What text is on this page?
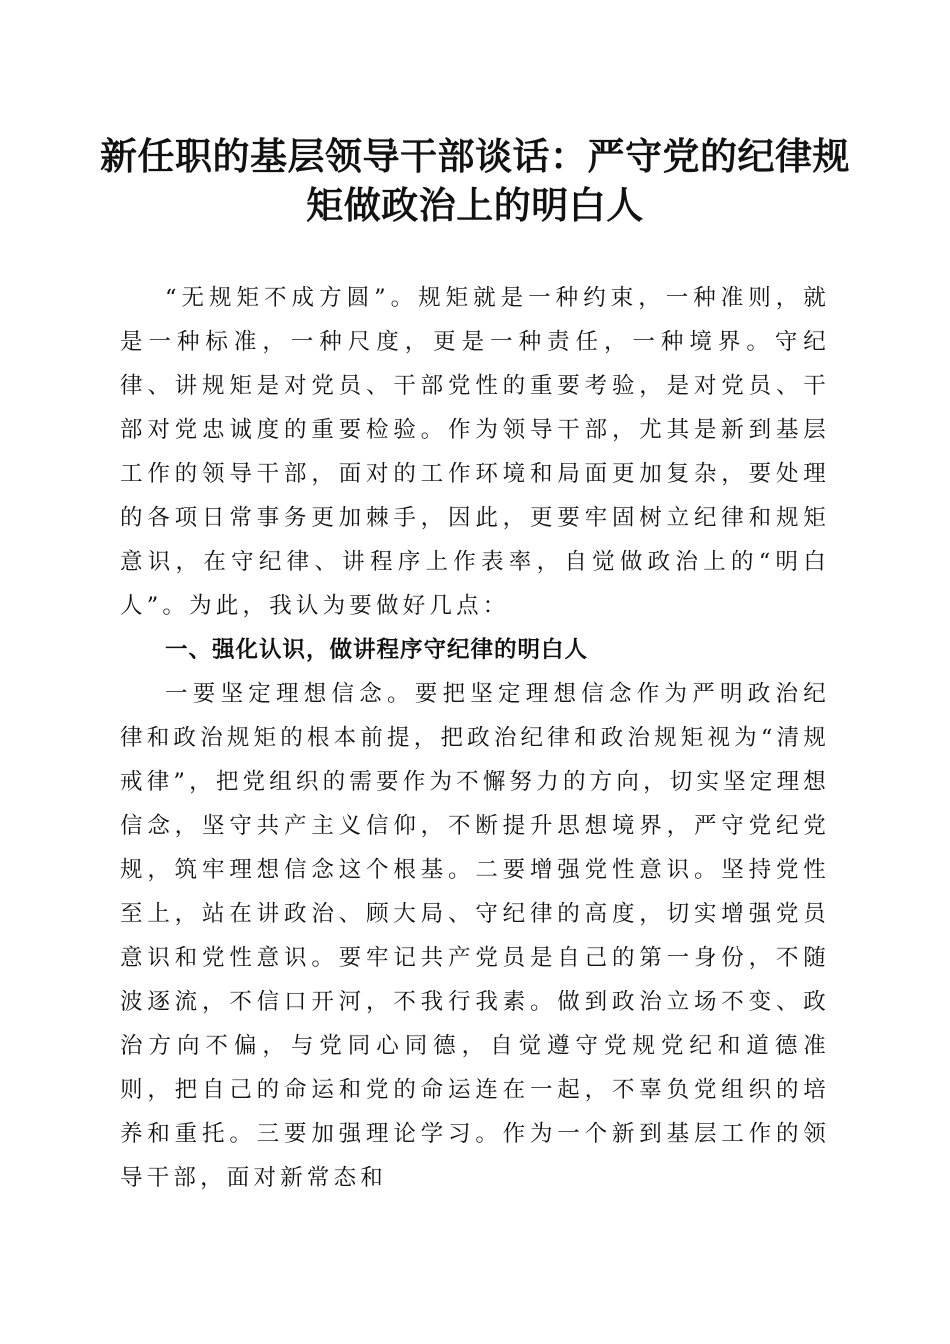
新任职的基层领导干部谈话：严守党的纪律规矩做政治上的明白人

“无规矩不成方圆”。规矩就是一种约束，一种准则，就是一种标准，一种尺度，更是一种责任，一种境界。守纪律、讲规矩是对党员、干部党性的重要考验，是对党员、干部对党忠诚度的重要检验。作为领导干部，尤其是新到基层工作的领导干部，面对的工作环境和局面更加复杂，要处理的各项日常事务更加棘手，因此，更要牢固树立纪律和规矩意识，在守纪律、讲程序上作表率，自觉做政治上的“明白人”。为此，我认为要做好几点：

一、强化认识，做讲程序守纪律的明白人

一要坚定理想信念。要把坚定理想信念作为严明政治纪律和政治规矩的根本前提，把政治纪律和政治规矩视为“清规戒律”，把党组织的需要作为不懈努力的方向，切实坚定理想信念，坚守共产主义信仰，不断提升思想境界，严守党纪党规，筑牢理想信念这个根基。二要增强党性意识。坚持党性至上，站在讲政治、顾大局、守纪律的高度，切实增强党员意识和党性意识。要牢记共产党员是自己的第一身份，不随波逐流，不信口开河，不我行我素。做到政治立场不变、政治方向不偏，与党同心同德，自觉遵守党规党纪和道德准则，把自己的命运和党的命运连在一起，不辜负党组织的培养和重托。三要加强理论学习。作为一个新到基层工作的领导干部，面对新常态和
